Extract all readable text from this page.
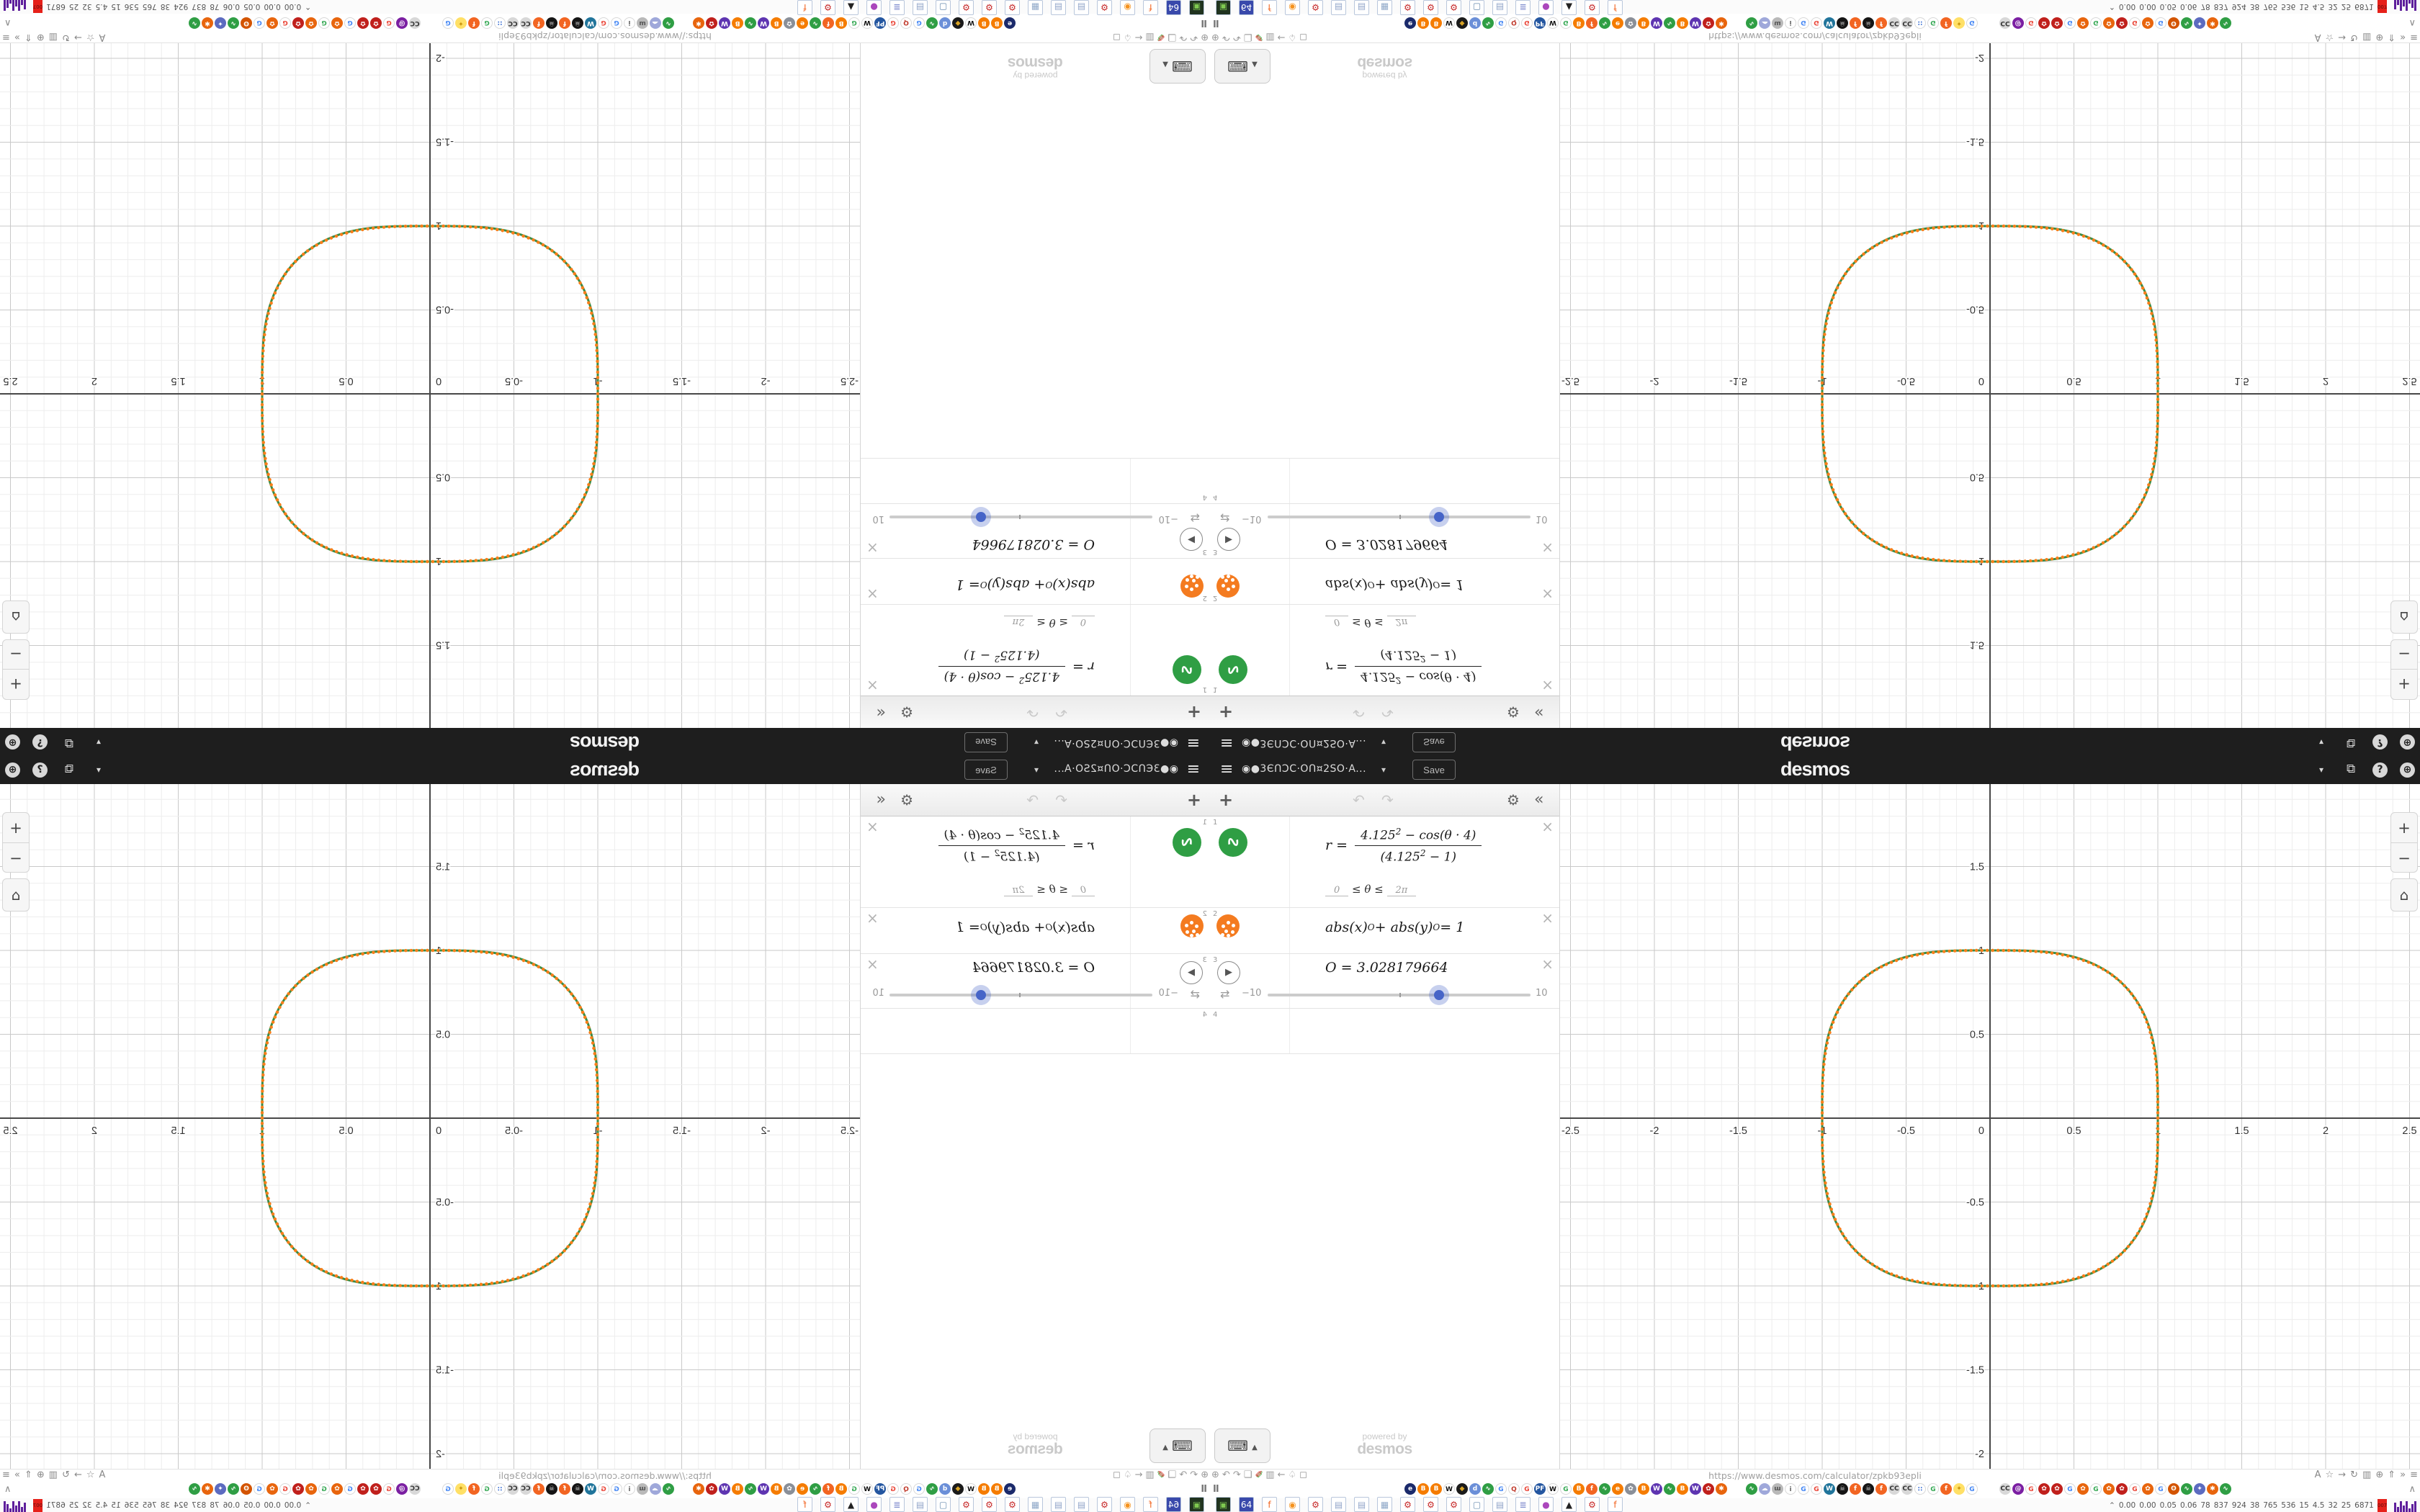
≡
◉●3ЄՈƆC·ՕՈ¤2SՕ·A...
▾
Save
desmos
▾
⧉
?
⊕
+
↶
↷
⚙
«
1
∿
r =
$4.125^2 - \cos(\theta \cdot 4)$
$(4.125^2 - 1)$
0 ≤ θ ≤ 2π
×
2
abs(x)
O
+ abs(y)
O
= 1
×
3
▶
⇄
O = 3.028179664
−10
10
×
4
⌨▲
powered by
desmos
-2.5
-2
-1.5
-1
-0.5
0.5
1
1.5
2
2.5
-2
-1.5
-1
-0.5
0.5
1
1.5
0
+
−
⌂
https://www.desmos.com/calculator/zpkb93epli	⊕
↶
↷
❏
✐
▥
←
♤
◻
A
☆
→
↻
▥
⊕
⇑
»
≡
II
e
B
B
W
◆
d
∿
G
Q
G
PF
W
G
B
f
∿
e
✿
B
W
∿
B
W
✿
✱
∿
☁
ɯ
i
G
G
W
☠
f
☠
f
CC
CC
∷
G
f
✦
G
CC
@
G
✿
✿
G
✿
G
✿
✿
G
✿
G
ʘ
∿
✦
✱
∿
∧
▣
64
f
◉
⚙
▤
▤
▦
⚙
⚙
⚙
▢
▤
≣
●
▲
⚙
f
⌃
0.00
0.00
0.05
0.06
78
837
924
38
765
536
15
4.5
32
25
6871
007
≡ ◉●3ЄՈƆC·ՕՈ¤2SՕ·A... ▾	Save	desmos	▾ ⧉	?	⊕
+	↶ ↷	⚙ «
1
∿	r =
$4.125^2 - \cos(\theta \cdot 4)$
$(4.125^2 - 1)$
0 ≤ θ ≤ 2π
×
2
abs(x) O + abs(y) O = 1
×
3
▶
⇄
O = 3.028179664
−10	10
×
4
⌨ ▲
powered by
desmos
-2.5	-2	-1.5	-1	-0.5	0.5	1	1.5	2	2.5
-2
-1.5
-1
-0.5
0.5
1
1.5
0
+
−
⌂
https://www.desmos.com/calculator/zpkb93epli
⊕ ↶ ↷ ❏ ✐ ▥ ← ♤ ◻	A ☆ → ↻ ▥ ⊕ ⇑ » ≡
II	e	B	B	W	◆	d	∿	G	Q	G PF W	G	B	f	∿	e	✿	B	W	∿	B	W	✿	✱	∿	☁ ɯ	i	G	G	W ☠	f	☠	f	CC CC ∷	G	f	✦	G	CC @	G	✿	✿	G	✿	G	✿	✿	G	✿	G	ʘ	∿	✦	✱	∿	∧
▣	64	f	◉	⚙	▤	▤	▦	⚙	⚙	⚙	▢	▤	≣	●	▲	⚙	f	⌃ 0.00 0.00 0.05 0.06 78 837 924 38 765 536 15 4.5 32 25 6871 007
≡
◉●3ЄՈƆC·ՕՈ¤2SՕ·A...
▾
Save
desmos
▾
⧉
?
⊕
+
↶
↷
⚙
«
1
∿
r =
$\frac{4.125^2 - \cos(\theta \cdot 4)}{(4.125^2 - 1)}$
0 ≤ θ ≤ 2π
×
2
abs(x)
O
+ abs(y)
O
= 1
×
3
▶
⇄
O = 3.028179664
−10
10
×
4
⌨▲
powered by
desmos
-2.5
-2
-1.5
-1
-0.5
0.5
1
1.5
2
2.5
-2
-1.5
-1
-0.5
0.5
1
1.5
0
+
−
⌂
https://www.desmos.com/calculator/zpkb93epli	⊕
↶
↷
❏
✐
▥
←
♤
◻
A
☆
→
↻
▥
⊕
⇑
»
≡
II
e
B
B
W
◆
d
∿
G
Q
G
PF
W
G
B
f
∿
e
✿
B
W
∿
B
W
✿
✱
∿
☁
ɯ
i
G
G
W
☠
f
☠
f
CC
CC
∷
G
f
✦
G
CC
@
G
✿
✿
G
✿
G
✿
✿
G
✿
G
ʘ
∿
✦
✱
∿
∧
▣
64
f
◉
⚙
▤
▤
▦
⚙
⚙
⚙
▢
▤
≣
●
▲
⚙
f
⌃
0.00
0.00
0.05
0.06
78
837
924
38
765
536
15
4.5
32
25
6871
007
≡ ◉●3ЄՈƆC·ՕՈ¤2SՕ·A... ▾	Save	desmos	▾ ⧉	?	⊕
+	↶ ↷	⚙ «
1
∿	$r = \frac{4.125^2 - \cos(\theta \cdot 4)}{(4.125^2 - 1)}$
0 ≤ θ ≤ 2π
×
2
abs(x) O + abs(y) O = 1
×
3
▶
⇄
O = 3.028179664
−10	10
×
4
⌨ ▲
powered by
desmos
-2.5	-2	-1.5	-1	-0.5	0.5	1	1.5	2	2.5
-2
-1.5
-1
-0.5
0.5
1
1.5
0
+
−
⌂
https://www.desmos.com/calculator/zpkb93epli
⊕ ↶ ↷ ❏ ✐ ▥ ← ♤ ◻	A ☆ → ↻ ▥ ⊕ ⇑ » ≡
II	e	B	B	W	◆	d	∿	G	Q	G PF W	G	B	f	∿	e	✿	B	W	∿	B	W	✿	✱	∿	☁ ɯ	i	G	G	W ☠	f	☠	f	CC CC ∷	G	f	✦	G	CC @	G	✿	✿	G	✿	G	✿	✿	G	✿	G	ʘ	∿	✦	✱	∿	∧
▣	64	f	◉	⚙	▤	▤	▦	⚙	⚙	⚙	▢	▤	≣	●	▲	⚙	f	⌃ 0.00 0.00 0.05 0.06 78 837 924 38 765 536 15 4.5 32 25 6871 007
